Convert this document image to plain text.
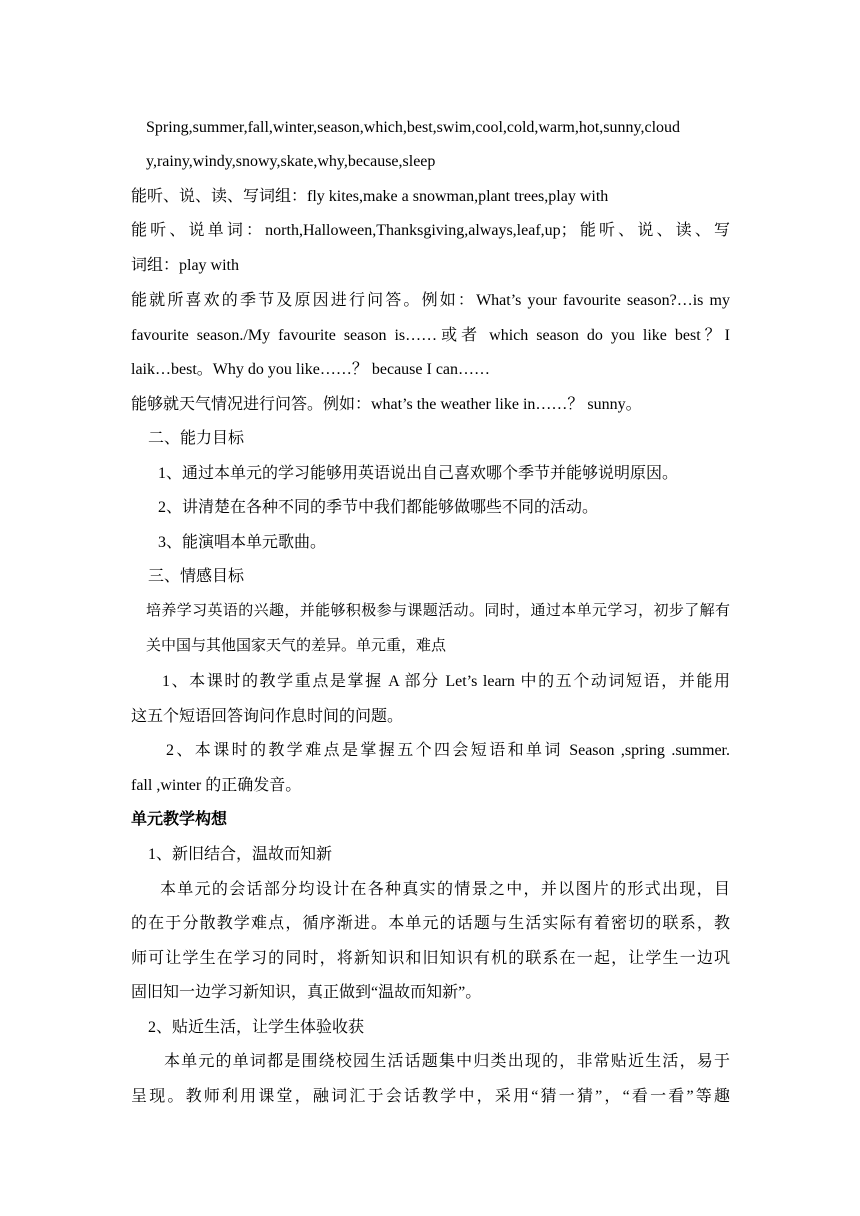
Spring,summer,fall,winter,season,which,best,swim,cool,cold,warm,hot,sunny,cloud
y,rainy,windy,snowy,skate,why,because,sleep
能听、说、读、写词组：fly kites,make a snowman,plant trees,play with
能听、说单词：north,Halloween,Thanksgiving,always,leaf,up；能听、说、读、写
词组：play with
能就所喜欢的季节及原因进行问答。例如：What’s your favourite season?…is my
favourite season./My favourite season is……或者 which season do you like best？I
laik…best。Why do you like……？ because I can……
能够就天气情况进行问答。例如：what’s the weather like in……？ sunny。
二、能力目标
1、通过本单元的学习能够用英语说出自己喜欢哪个季节并能够说明原因。
2、讲清楚在各种不同的季节中我们都能够做哪些不同的活动。
3、能演唱本单元歌曲。
三、情感目标
培养学习英语的兴趣，并能够积极参与课题活动。同时，通过本单元学习，初步了解有
关中国与其他国家天气的差异。单元重，难点
1、本课时的教学重点是掌握 A 部分 Let’s learn 中的五个动词短语，并能用
这五个短语回答询问作息时间的问题。
2、本课时的教学难点是掌握五个四会短语和单词 Season ,spring .summer.
fall ,winter 的正确发音。
单元教学构想
1、新旧结合，温故而知新
本单元的会话部分均设计在各种真实的情景之中，并以图片的形式出现，目
的在于分散教学难点，循序渐进。本单元的话题与生活实际有着密切的联系，教
师可让学生在学习的同时，将新知识和旧知识有机的联系在一起，让学生一边巩
固旧知一边学习新知识，真正做到“温故而知新”。
2、贴近生活，让学生体验收获
本单元的单词都是围绕校园生活话题集中归类出现的，非常贴近生活，易于
呈现。教师利用课堂，融词汇于会话教学中，采用“猜一猜”，“看一看”等趣
